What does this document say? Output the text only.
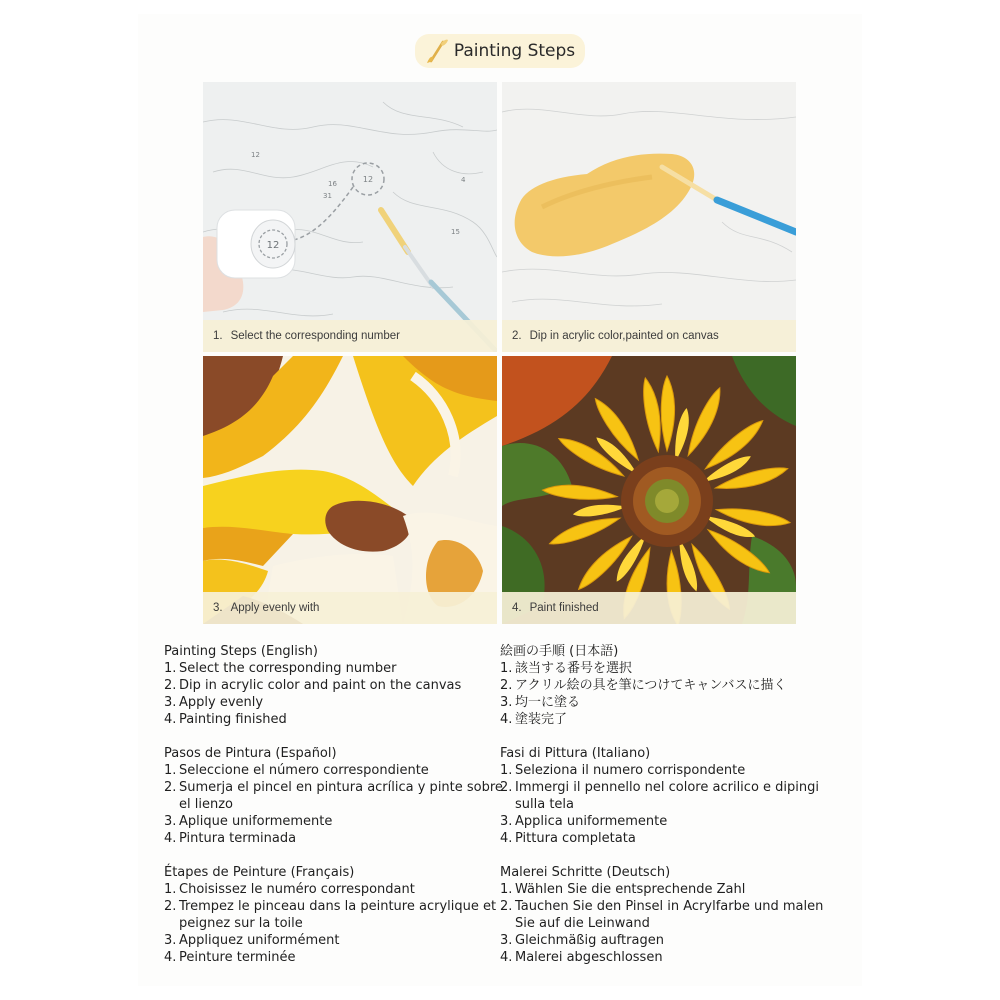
Painting Steps
12
16
31
4
15
12
12
1. Select the corresponding number	2. Dip in acrylic color,painted on canvas
3. Apply evenly with	4. Paint finished

Painting Steps (English)

1. Select the corresponding number
2. Dip in acrylic color and paint on the canvas
3. Apply evenly
4. Painting finished

Pasos de Pintura (Español)

1. Seleccione el número correspondiente
2. Sumerja el pincel en pintura acrílica y pinte sobre el lienzo
3. Aplique uniformemente
4. Pintura terminada

Étapes de Peinture (Français)

1. Choisissez le numéro correspondant
2. Trempez le pinceau dans la peinture acrylique et peignez sur la toile
3. Appliquez uniformément
4. Peinture terminée

絵画の手順 (日本語)

1. 該当する番号を選択
2. アクリル絵の具を筆につけてキャンバスに描く
3. 均一に塗る
4. 塗装完了

Fasi di Pittura (Italiano)

1. Seleziona il numero corrispondente
2. Immergi il pennello nel colore acrilico e dipingi sulla tela
3. Applica uniformemente
4. Pittura completata

Malerei Schritte (Deutsch)

1. Wählen Sie die entsprechende Zahl
2. Tauchen Sie den Pinsel in Acrylfarbe und malen Sie auf die Leinwand
3. Gleichmäßig auftragen
4. Malerei abgeschlossen
